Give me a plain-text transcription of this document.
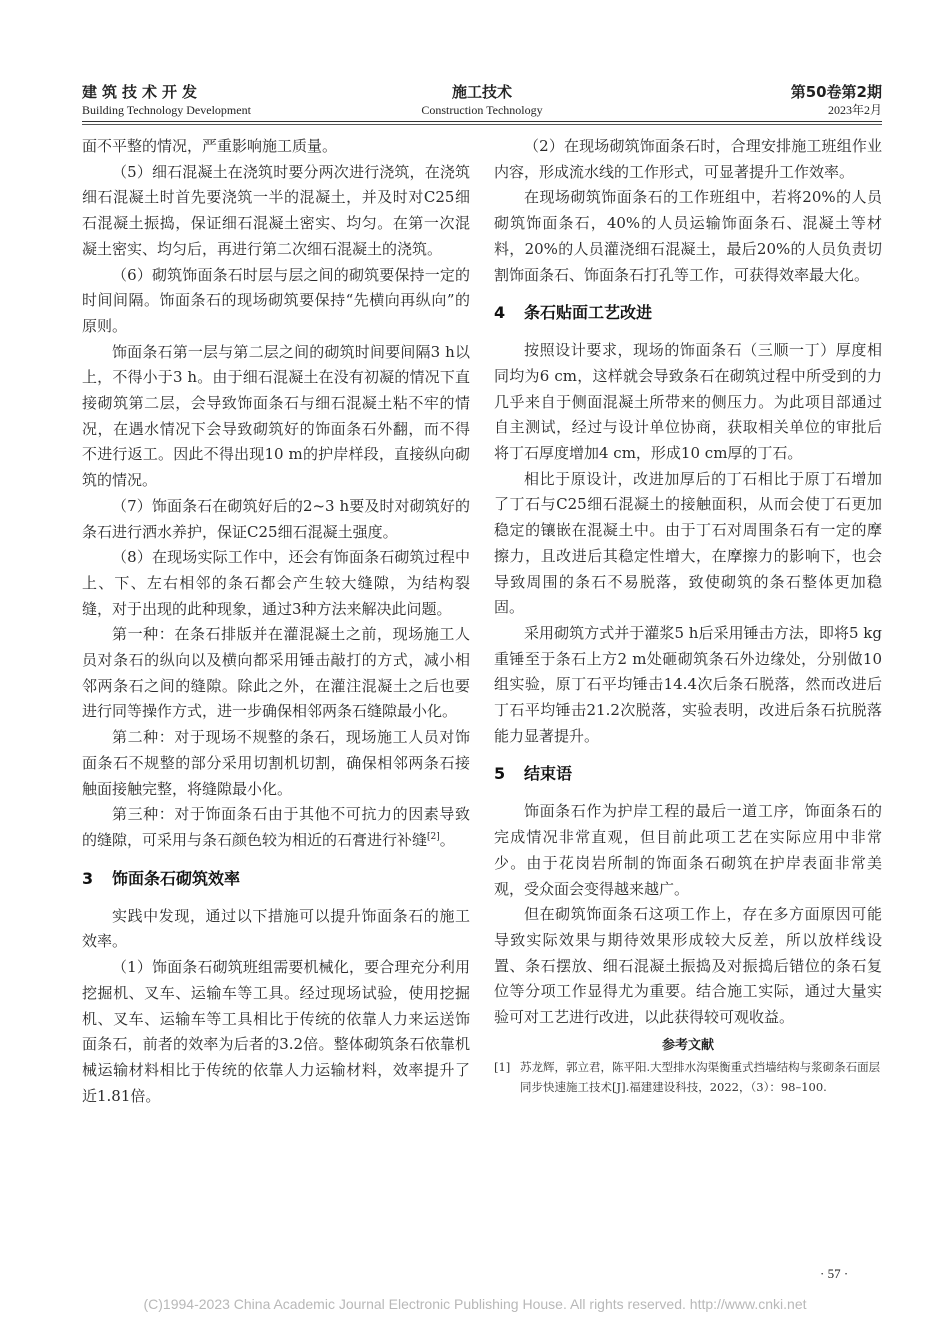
建筑技术开发
Building Technology Development
施工技术
Construction Technology
第50卷第2期
2023年2月

面不平整的情况，严重影响施工质量。

（5）细石混凝土在浇筑时要分两次进行浇筑，在浇筑细石混凝土时首先要浇筑一半的混凝土，并及时对C25细石混凝土振捣，保证细石混凝土密实、均匀。在第一次混凝土密实、均匀后，再进行第二次细石混凝土的浇筑。

（6）砌筑饰面条石时层与层之间的砌筑要保持一定的时间间隔。饰面条石的现场砌筑要保持“先横向再纵向”的原则。

饰面条石第一层与第二层之间的砌筑时间要间隔3 h以上，不得小于3 h。由于细石混凝土在没有初凝的情况下直接砌筑第二层，会导致饰面条石与细石混凝土粘不牢的情况，在遇水情况下会导致砌筑好的饰面条石外翻，而不得不进行返工。因此不得出现10 m的护岸样段，直接纵向砌筑的情况。

（7）饰面条石在砌筑好后的2~3 h要及时对砌筑好的条石进行洒水养护，保证C25细石混凝土强度。

（8）在现场实际工作中，还会有饰面条石砌筑过程中上、下、左右相邻的条石都会产生较大缝隙，为结构裂缝，对于出现的此种现象，通过3种方法来解决此问题。

第一种：在条石排版并在灌混凝土之前，现场施工人员对条石的纵向以及横向都采用锤击敲打的方式，减小相邻两条石之间的缝隙。除此之外，在灌注混凝土之后也要进行同等操作方式，进一步确保相邻两条石缝隙最小化。

第二种：对于现场不规整的条石，现场施工人员对饰面条石不规整的部分采用切割机切割，确保相邻两条石接触面接触完整，将缝隙最小化。

第三种：对于饰面条石由于其他不可抗力的因素导致的缝隙，可采用与条石颜色较为相近的石膏进行补缝[2]。

3 饰面条石砌筑效率

实践中发现，通过以下措施可以提升饰面条石的施工效率。

（1）饰面条石砌筑班组需要机械化，要合理充分利用挖掘机、叉车、运输车等工具。经过现场试验，使用挖掘机、叉车、运输车等工具相比于传统的依靠人力来运送饰面条石，前者的效率为后者的3.2倍。整体砌筑条石依靠机械运输材料相比于传统的依靠人力运输材料，效率提升了近1.81倍。

（2）在现场砌筑饰面条石时，合理安排施工班组作业内容，形成流水线的工作形式，可显著提升工作效率。

在现场砌筑饰面条石的工作班组中，若将20%的人员砌筑饰面条石，40%的人员运输饰面条石、混凝土等材料，20%的人员灌浇细石混凝土，最后20%的人员负责切割饰面条石、饰面条石打孔等工作，可获得效率最大化。

4 条石贴面工艺改进

按照设计要求，现场的饰面条石（三顺一丁）厚度相同均为6 cm，这样就会导致条石在砌筑过程中所受到的力几乎来自于侧面混凝土所带来的侧压力。为此项目部通过自主测试，经过与设计单位协商，获取相关单位的审批后将丁石厚度增加4 cm，形成10 cm厚的丁石。

相比于原设计，改进加厚后的丁石相比于原丁石增加了丁石与C25细石混凝土的接触面积，从而会使丁石更加稳定的镶嵌在混凝土中。由于丁石对周围条石有一定的摩擦力，且改进后其稳定性增大，在摩擦力的影响下，也会导致周围的条石不易脱落，致使砌筑的条石整体更加稳固。

采用砌筑方式并于灌浆5 h后采用锤击方法，即将5 kg重锤至于条石上方2 m处砸砌筑条石外边缘处，分别做10组实验，原丁石平均锤击14.4次后条石脱落，然而改进后丁石平均锤击21.2次脱落，实验表明，改进后条石抗脱落能力显著提升。

5 结束语

饰面条石作为护岸工程的最后一道工序，饰面条石的完成情况非常直观，但目前此项工艺在实际应用中非常少。由于花岗岩所制的饰面条石砌筑在护岸表面非常美观，受众面会变得越来越广。

但在砌筑饰面条石这项工作上，存在多方面原因可能导致实际效果与期待效果形成较大反差，所以放样线设置、条石摆放、细石混凝土振捣及对振捣后错位的条石复位等分项工作显得尤为重要。结合施工实际，通过大量实验可对工艺进行改进，以此获得较可观收益。

参考文献
[1] 苏龙辉，郭立君，陈平阳.大型排水沟渠衡重式挡墙结构与浆砌条石面层同步快速施工技术[J].福建建设科技，2022，（3）：98–100.
· 57 ·
(C)1994-2023 China Academic Journal Electronic Publishing House. All rights reserved. http://www.cnki.net
